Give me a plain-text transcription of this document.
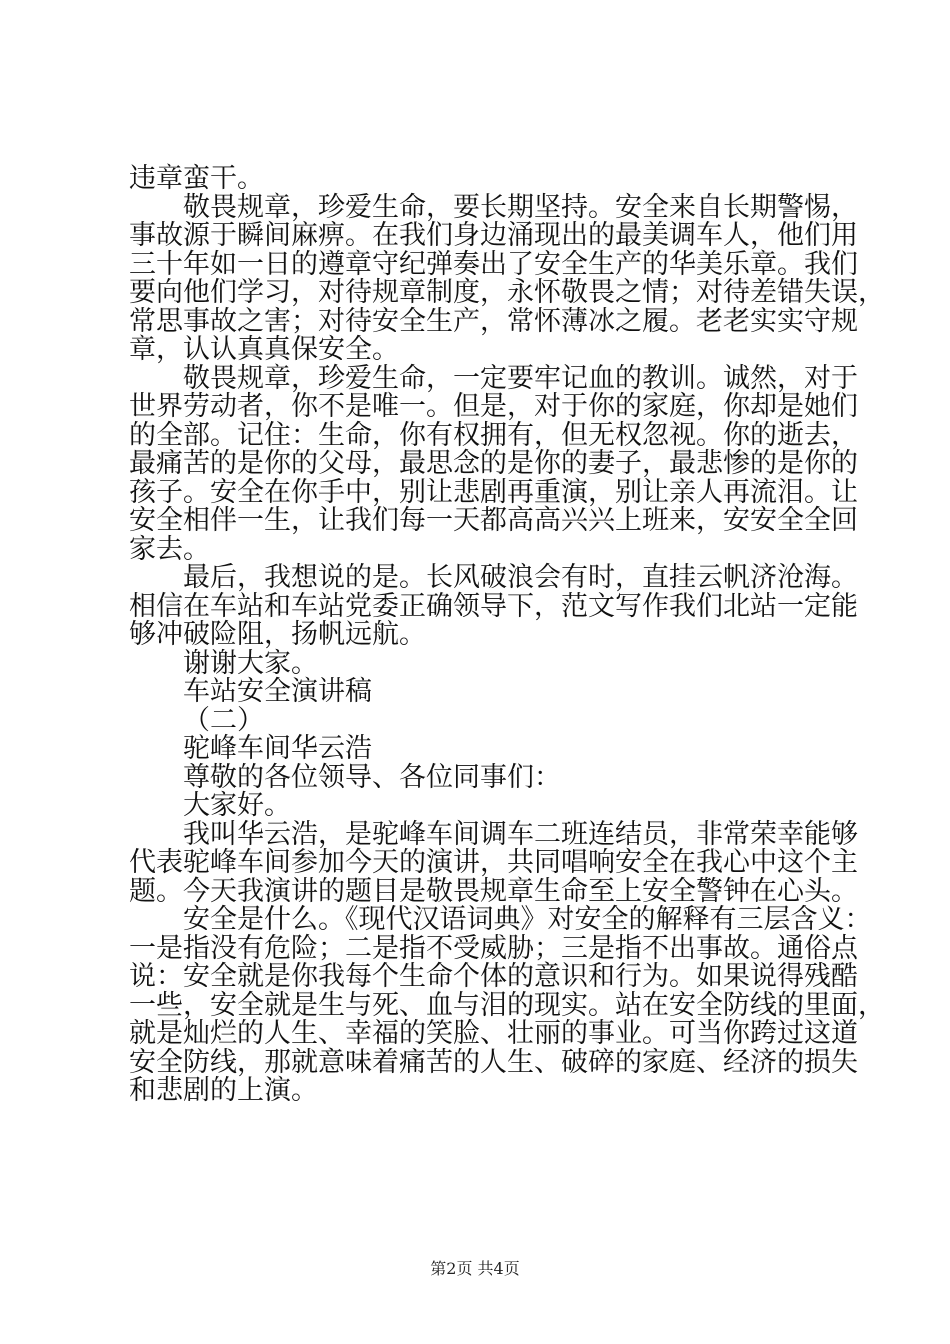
违章蛮干。
敬畏规章，珍爱生命，要长期坚持。安全来自长期警惕，
事故源于瞬间麻痹。在我们身边涌现出的最美调车人，他们用
三十年如一日的遵章守纪弹奏出了安全生产的华美乐章。我们
要向他们学习，对待规章制度，永怀敬畏之情；对待差错失误，
常思事故之害；对待安全生产，常怀薄冰之履。老老实实守规
章，认认真真保安全。
敬畏规章，珍爱生命，一定要牢记血的教训。诚然，对于
世界劳动者，你不是唯一。但是，对于你的家庭，你却是她们
的全部。记住：生命，你有权拥有，但无权忽视。你的逝去，
最痛苦的是你的父母，最思念的是你的妻子，最悲惨的是你的
孩子。安全在你手中，别让悲剧再重演，别让亲人再流泪。让
安全相伴一生，让我们每一天都高高兴兴上班来，安安全全回
家去。
最后，我想说的是。长风破浪会有时，直挂云帆济沧海。
相信在车站和车站党委正确领导下，范文写作我们北站一定能
够冲破险阻，扬帆远航。
谢谢大家。
车站安全演讲稿
（二）
驼峰车间华云浩
尊敬的各位领导、各位同事们：
大家好。
我叫华云浩，是驼峰车间调车二班连结员，非常荣幸能够
代表驼峰车间参加今天的演讲，共同唱响安全在我心中这个主
题。今天我演讲的题目是敬畏规章生命至上安全警钟在心头。
安全是什么。《现代汉语词典》对安全的解释有三层含义：
一是指没有危险；二是指不受威胁；三是指不出事故。通俗点
说：安全就是你我每个生命个体的意识和行为。如果说得残酷
一些，安全就是生与死、血与泪的现实。站在安全防线的里面，
就是灿烂的人生、幸福的笑脸、壮丽的事业。可当你跨过这道
安全防线，那就意味着痛苦的人生、破碎的家庭、经济的损失
和悲剧的上演。
第2页 共4页
